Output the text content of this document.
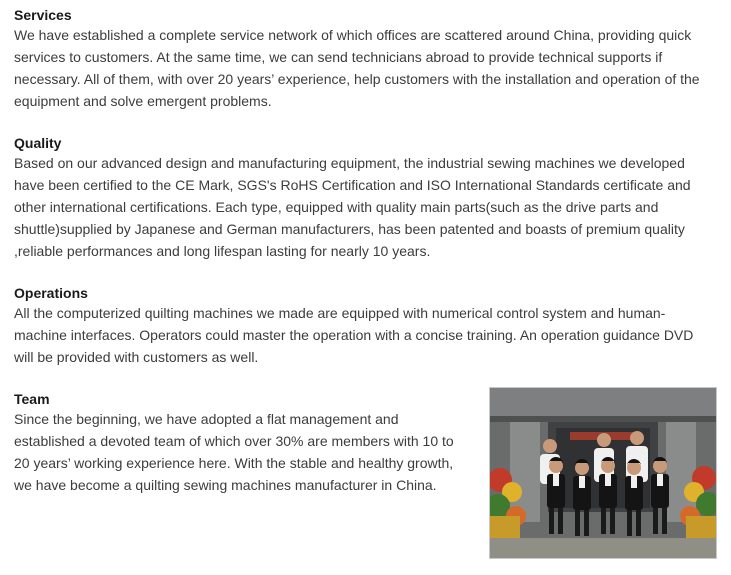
Services

We have established a complete service network of which offices are scattered around China, providing quick services to customers. At the same time, we can send technicians abroad to provide technical supports if necessary. All of them, with over 20 years’ experience, help customers with the installation and operation of the equipment and solve emergent problems.

Quality

Based on our advanced design and manufacturing equipment, the industrial sewing machines we developed have been certified to the CE Mark, SGS's RoHS Certification and ISO International Standards certificate and other international certifications. Each type, equipped with quality main parts(such as the drive parts and shuttle)supplied by Japanese and German manufacturers, has been patented and boasts of premium quality ,reliable performances and long lifespan lasting for nearly 10 years.

Operations

All the computerized quilting machines we made are equipped with numerical control system and human-machine interfaces. Operators could master the operation with a concise training. An operation guidance DVD will be provided with customers as well.

Team

Since the beginning, we have adopted a flat management and established a devoted team of which over 30% are members with 10 to 20 years’ working experience here. With the stable and healthy growth, we have become a quilting sewing machines manufacturer in China.
